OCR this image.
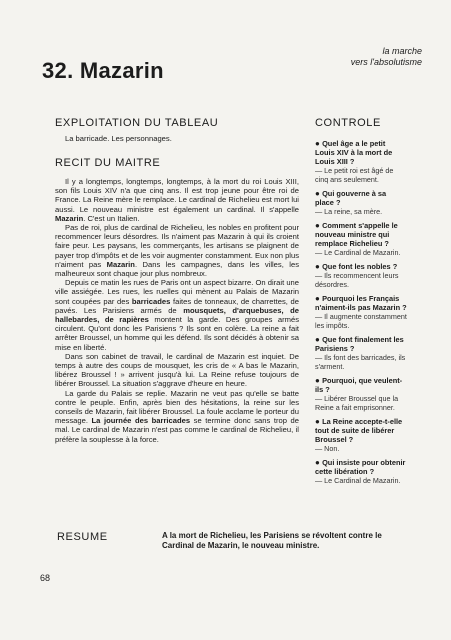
32. Mazarin
la marche
vers l'absolutisme
EXPLOITATION DU TABLEAU
La barricade. Les personnages.
RECIT DU MAITRE

Il y a longtemps, longtemps, longtemps, à la mort du roi Louis XIII, son fils Louis XIV n'a que cinq ans. Il est trop jeune pour être roi de France. La Reine mère le remplace. Le cardinal de Richelieu est mort lui aussi. Le nouveau ministre est également un cardinal. Il s'appelle Mazarin. C'est un Italien.

Pas de roi, plus de cardinal de Richelieu, les nobles en profitent pour recommencer leurs désordres. Ils n'aiment pas Mazarin à qui ils croient faire peur. Les paysans, les commerçants, les artisans se plaignent de payer trop d'impôts et de les voir augmenter constamment. Eux non plus n'aiment pas Mazarin. Dans les campagnes, dans les villes, les malheureux sont chaque jour plus nombreux.

Depuis ce matin les rues de Paris ont un aspect bizarre. On dirait une ville assiégée. Les rues, les ruelles qui mènent au Palais de Mazarin sont coupées par des barricades faites de tonneaux, de charrettes, de pavés. Les Parisiens armés de mousquets, d'arquebuses, de hallebardes, de rapières montent la garde. Des groupes armés circulent. Qu'ont donc les Parisiens ? Ils sont en colère. La reine a fait arrêter Broussel, un homme qui les défend. Ils sont décidés à obtenir sa mise en liberté.

Dans son cabinet de travail, le cardinal de Mazarin est inquiet. De temps à autre des coups de mousquet, les cris de « A bas le Mazarin, libérez Broussel ! » arrivent jusqu'à lui. La Reine refuse toujours de libérer Broussel. La situation s'aggrave d'heure en heure.

La garde du Palais se replie. Mazarin ne veut pas qu'elle se batte contre le peuple. Enfin, après bien des hésitations, la reine sur les conseils de Mazarin, fait libérer Broussel. La foule acclame le porteur du message. La journée des barricades se termine donc sans trop de mal. Le cardinal de Mazarin n'est pas comme le cardinal de Richelieu, il préfère la souplesse à la force.

CONTROLE

● Quel âge a le petit Louis XIV à la mort de Louis XIII ?

— Le petit roi est âgé de cinq ans seulement.

● Qui gouverne à sa place ?

— La reine, sa mère.

● Comment s'appelle le nouveau ministre qui remplace Richelieu ?

— Le Cardinal de Mazarin.

● Que font les nobles ?

— Ils recommencent leurs désordres.

● Pourquoi les Français n'aiment-ils pas Mazarin ?

— Il augmente constamment les impôts.

● Que font finalement les Parisiens ?

— Ils font des barricades, ils s'arment.

● Pourquoi, que veulent-ils ?

— Libérer Broussel que la Reine a fait emprisonner.

● La Reine accepte-t-elle tout de suite de libérer Broussel ?

— Non.

● Qui insiste pour obtenir cette libération ?

— Le Cardinal de Mazarin.

RESUME	A la mort de Richelieu, les Parisiens se révoltent contre le Cardinal de Mazarin, le nouveau ministre.
68
